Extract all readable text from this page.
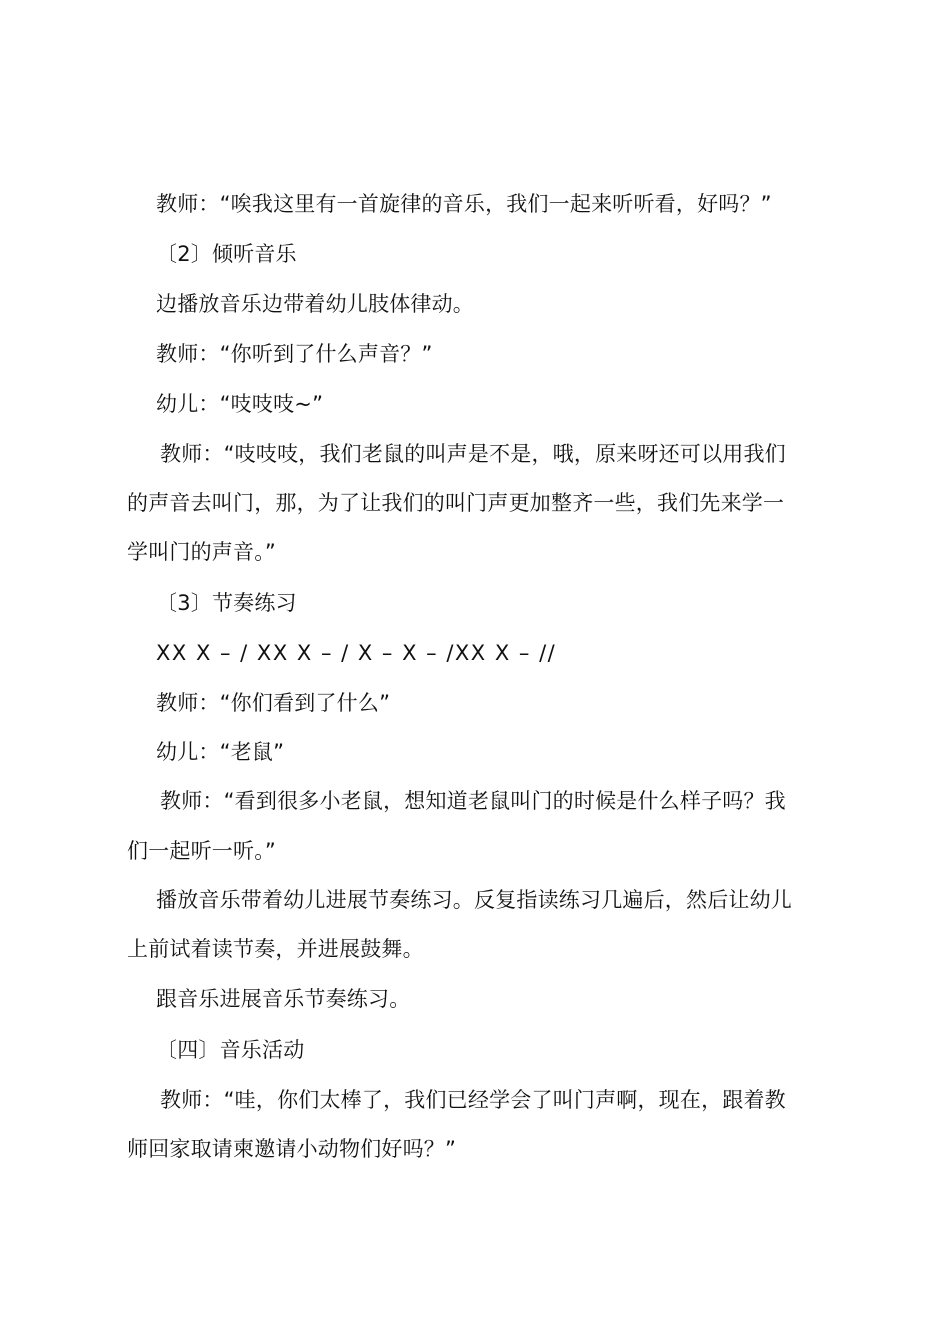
教师：“唉我这里有一首旋律的音乐，我们一起来听听看，好吗？”
〔2〕倾听音乐
边播放音乐边带着幼儿肢体律动。
教师：“你听到了什么声音？”
幼儿：“吱吱吱~”
教师：“吱吱吱，我们老鼠的叫声是不是，哦，原来呀还可以用我们
的声音去叫门，那，为了让我们的叫门声更加整齐一些，我们先来学一
学叫门的声音。”
〔3〕节奏练习
XX X – / XX X – / X – X – /XX X – //
教师：“你们看到了什么”
幼儿：“老鼠”
教师：“看到很多小老鼠，想知道老鼠叫门的时候是什么样子吗？我
们一起听一听。”
播放音乐带着幼儿进展节奏练习。反复指读练习几遍后，然后让幼儿
上前试着读节奏，并进展鼓舞。
跟音乐进展音乐节奏练习。
〔四〕音乐活动
教师：“哇，你们太棒了，我们已经学会了叫门声啊，现在，跟着教
师回家取请柬邀请小动物们好吗？”
